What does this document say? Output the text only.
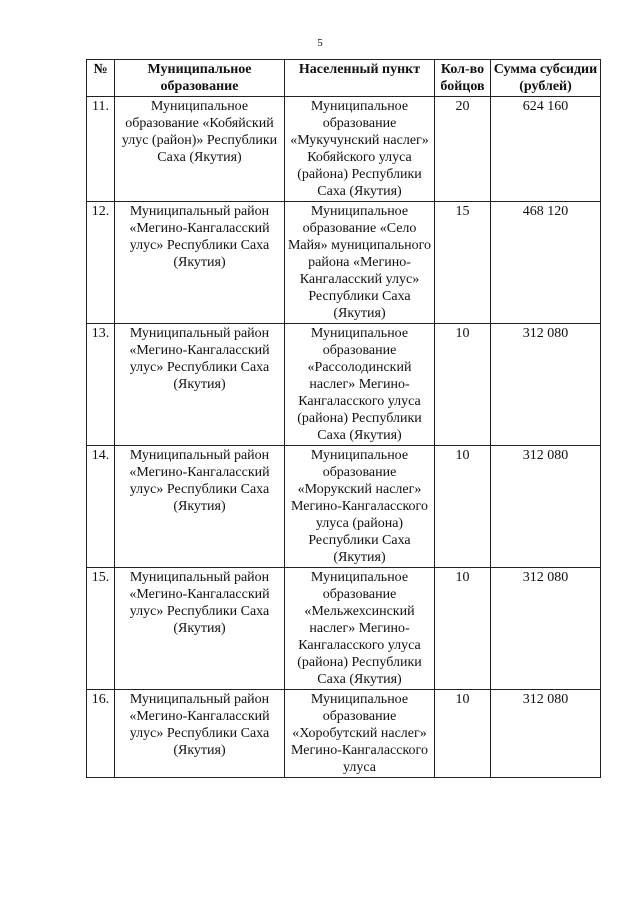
5
№	Муниципальное образование	Населенный пункт	Кол-во бойцов	Сумма субсидии (рублей)
11.	Муниципальное образование «Кобяйский улус (район)» Республики Саха (Якутия)	Муниципальное образование «Мукучунский наслег» Кобяйского улуса (района) Республики Саха (Якутия)	20	624 160
12.	Муниципальный район «Мегино-Кангаласский улус» Республики Саха (Якутия)	Муниципальное образование «Село Майя» муниципального района «Мегино-Кангаласский улус» Республики Саха (Якутия)	15	468 120
13.	Муниципальный район «Мегино-Кангаласский улус» Республики Саха (Якутия)	Муниципальное образование «Рассолодинский наслег» Мегино-Кангаласского улуса (района) Республики Саха (Якутия)	10	312 080
14.	Муниципальный район «Мегино-Кангаласский улус» Республики Саха (Якутия)	Муниципальное образование «Морукский наслег» Мегино-Кангаласского улуса (района) Республики Саха (Якутия)	10	312 080
15.	Муниципальный район «Мегино-Кангаласский улус» Республики Саха (Якутия)	Муниципальное образование «Мельжехсинский наслег» Мегино-Кангаласского улуса (района) Республики Саха (Якутия)	10	312 080
16.	Муниципальный район «Мегино-Кангаласский улус» Республики Саха (Якутия)	Муниципальное образование «Хоробутский наслег» Мегино-Кангаласского улуса	10	312 080
